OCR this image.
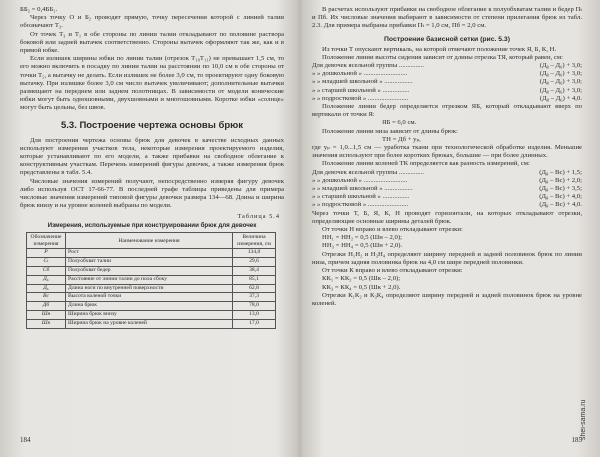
ББ₂ = 0,4ББ₁.

Через точку О и Б₂ проводят прямую, точку пересечения которой с линией талии обозначают Т₃.

От точек Т₃ и Т₁ в обе стороны по линии талии откладывают по половине раствора боковой или задней вытачек соответственно. Стороны вытачек оформляют так же, как и в прямой юбке.

Если излишек ширины юбки по линии талии (отрезок Т₁₀Т₁₁) не превышает 1,5 см, то его можно включить в посадку по линии талии на расстоянии по 10,0 см в обе стороны от точки Т₅, а вытачку не делать. Если излишек не более 3,0 см, то проектируют одну боковую вытачку. При излишке более 3,0 см число вытачек увеличивают; дополнительные вытачки размещают на переднем или заднем полотнищах. В зависимости от модели конические юбки могут быть одношовными, двухшовными и многошовными. Коротке юбки «солнце» могут быть цельны, без швов.

5.3. Построение чертежа основы брюк

Для построения чертежа основы брюк для девочек в качестве исходных данных используют измерения участков тела, некоторые измерения проектируемого изделия, которые устанавливают по его модели, а также прибавки на свободное облегание к конструктивным участкам. Перечень измерений фигуры девочек, а также измерения брюк представлены в табл. 5.4.

Числовые значения измерений получают, непосредственно измеряя фигуру девочек либо используя ОСТ 17-66-77. В последней графе таблицы приведены для примера числовые значения измерений типовой фигуры девочки размера 134—68. Длина и ширина брюк внизу и на уровне коленей выбраны по модели.

Таблица 5.4

Измерения, используемые при конструировании брюк для девочек

Обозначение измерения	Наименование измерения	Величина измерения, см
Р	Рост	134,0
Сₜ	Полуобхват талии	29,6
Сб	Полуобхват бедер	38,4
Д₆	Расстояние от линии талии до пола сбоку	85,1
Д₆	Длина ноги по внутренней поверхности	62,8
Вс	Высота коленой точки	37,3
Дб	Длина брюк	78,0
Шн	Ширина брюк внизу	13,0
Шк	Ширина брюк на уровне коленей	17,0
184

В расчетах используют прибавки на свободное облегание к полуобхватам талии и бедер Пₜ и Пб. Их числовые значения выбирают в зависимости от степени прилегания брюк из табл. 2.3. Для примера выбраны прибавки Пₜ = 1,0 см, Пб = 2,0 см.

Построение базисной сетки (рис. 5.3)

Из точки Т опускают вертикаль, на которой отмечают положение точек Я, Б, К, Н.

Положение линии высоты сидения зависит от длины отрезка ТЯ, который равен, см:

Для девочек ясельной группы ...............	(Д₈ – Д₆) + 3,0;
» » дошкольной » ..........................	(Д₈ – Д₆) + 3,0;
» » младшей школьной » .................	(Д₈ – Д₆) + 3,0;
» » старшей школьной » ................	(Д₈ – Д₆) + 3,0;
» » подростковой » ........................	(Д₈ – Д₆) + 4,0.

Положение линии бедер определяется отрезком ЯБ, который откладывают вверх по вертикали от точки Я:

ЯБ = 6,0 см.

Положение линии низа зависит от длины брюк:

ТН = Дб + уₚ,

где уₚ = 1,0...1,5 см — уработка ткани при технологической обработке изделия. Меньшие значения используют при более коротких брюках, большие — при более длинных.

Положение линии коленей ТК определяется как разность измерений, см:

Для девочек ясельной группы ...............	(Д₈ – Вс) + 1,5;
» » дошкольной » ..........................	(Д₈ – Вс) + 2,0;
» » младшей школьной » .................	(Д₈ – Вс) + 3,5;
» » старшей школьной » ................	(Д₈ – Вс) + 4,0;
» » подростковой » ........................	(Д₈ – Вс) + 4,0.

Через точки Т, Б, Я, К, Н проводят горизонтали, на которых откладывают отрезки, определяющие основные ширины деталей брюк.

От точки Н вправо и влево откладывают отрезки:

НН₁ = НН₂ = 0,5 (Шн – 2,0);

НН₃ = НН₄ = 0,5 (Шн + 2,0).

Отрезки Н₁Н₂ и Н₃Н₄ определяют ширину передней и задней половинок брюк по линии низа, причем задняя половинка брюк на 4,0 см шире передней половинки.

От точки К вправо и влево откладывают отрезки:

КК₁ = КК₂ = 0,5 (Шк – 2,0);

КК₃ = КК₄ = 0,5 (Шк + 2,0).

Отрезки К₁К₂ и К₃К₄ определяют ширину передней и задней половинок брюк на уровне коленей.

185
shei-sama.ru
